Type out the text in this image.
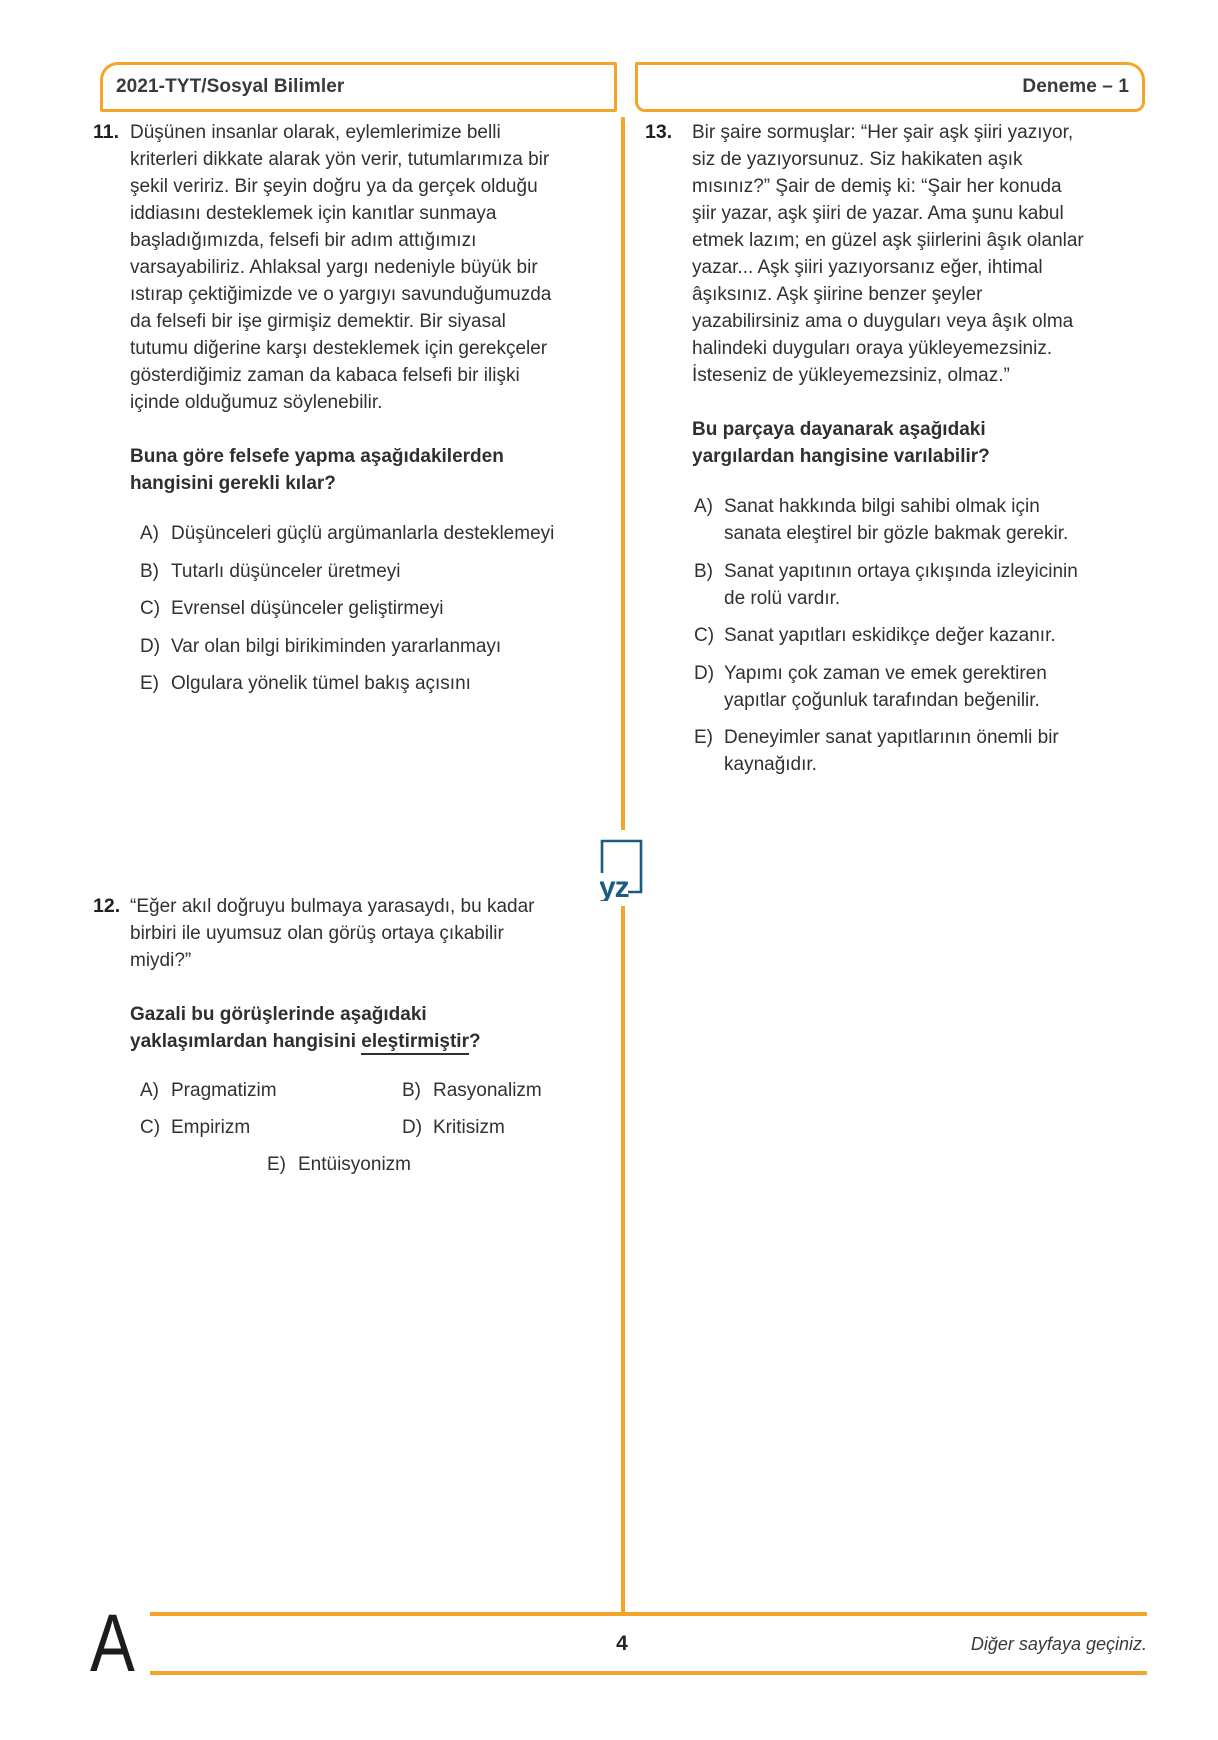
2021-TYT/Sosyal Bilimler	Deneme – 1
yz
11. Düşünen insanlar olarak, eylemlerimize belli kriterleri dikkate alarak yön verir, tutumlarımıza bir şekil veririz. Bir şeyin doğru ya da gerçek olduğu iddiasını desteklemek için kanıtlar sunmaya başladığımızda, felsefi bir adım attığımızı varsayabiliriz. Ahlaksal yargı nedeniyle büyük bir ıstırap çektiğimizde ve o yargıyı savunduğumuzda da felsefi bir işe girmişiz demektir. Bir siyasal tutumu diğerine karşı desteklemek için gerekçeler gösterdiğimiz zaman da kabaca felsefi bir ilişki içinde olduğumuz söylenebilir.
Buna göre felsefe yapma aşağıdakilerden hangisini gerekli kılar?
A) Düşünceleri güçlü argümanlarla desteklemeyi
B) Tutarlı düşünceler üretmeyi
C) Evrensel düşünceler geliştirmeyi
D) Var olan bilgi birikiminden yararlanmayı
E) Olgulara yönelik tümel bakış açısını
12. “Eğer akıl doğruyu bulmaya yarasaydı, bu kadar birbiri ile uyumsuz olan görüş ortaya çıkabilir miydi?”
Gazali bu görüşlerinde aşağıdaki yaklaşımlardan hangisini eleştirmiştir?
A) Pragmatizim	B) Rasyonalizm
C) Empirizm	D) Kritisizm
E) Entüisyonizm
13. Bir şaire sormuşlar: “Her şair aşk şiiri yazıyor, siz de yazıyorsunuz. Siz hakikaten aşık mısınız?” Şair de demiş ki: “Şair her konuda şiir yazar, aşk şiiri de yazar. Ama şunu kabul etmek lazım; en güzel aşk şiirlerini âşık olanlar yazar... Aşk şiiri yazıyorsanız eğer, ihtimal âşıksınız. Aşk şiirine benzer şeyler yazabilirsiniz ama o duyguları veya âşık olma halindeki duyguları oraya yükleyemezsiniz. İsteseniz de yükleyemezsiniz, olmaz.”
Bu parçaya dayanarak aşağıdaki yargılardan hangisine varılabilir?
A) Sanat hakkında bilgi sahibi olmak için sanata eleştirel bir gözle bakmak gerekir.
B) Sanat yapıtının ortaya çıkışında izleyicinin de rolü vardır.
C) Sanat yapıtları eskidikçe değer kazanır.
D) Yapımı çok zaman ve emek gerektiren yapıtlar çoğunluk tarafından beğenilir.
E) Deneyimler sanat yapıtlarının önemli bir kaynağıdır.
A	4	Diğer sayfaya geçiniz.
